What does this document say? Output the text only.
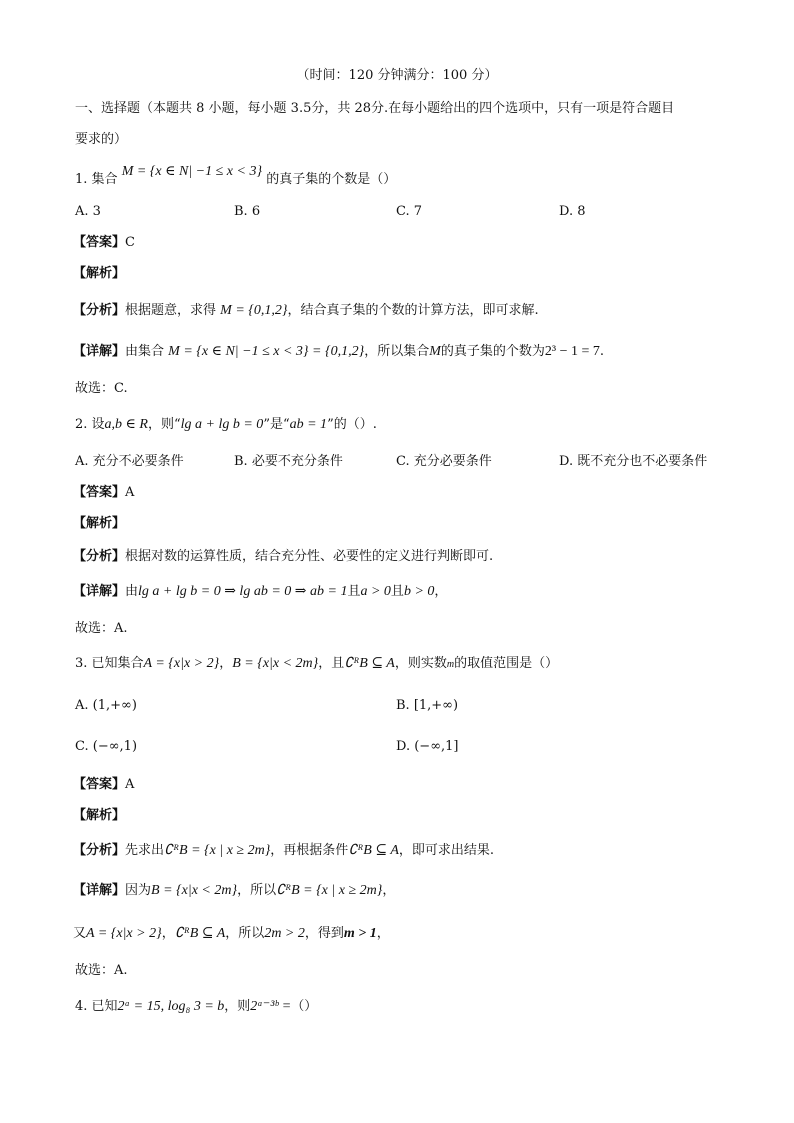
（时间：120 分钟满分：100 分）
一、选择题（本题共 8 小题，每小题 3.5分，共 28分.在每小题给出的四个选项中，只有一项是符合题目
要求的）
1. 集合 M = {x ∈ N| −1 ≤ x < 3} 的真子集的个数是（）
A. 3	B. 6	C. 7	D. 8
【答案】C
【解析】
【分析】根据题意，求得 M = {0,1,2}，结合真子集的个数的计算方法，即可求解.
【详解】由集合 M = {x ∈ N| −1 ≤ x < 3} = {0,1,2}，所以集合M的真子集的个数为2³ − 1 = 7.
故选：C.
2. 设a,b ∈ R，则“lg a + lg b = 0”是“ab = 1”的（）.
A. 充分不必要条件	B. 必要不充分条件	C. 充分必要条件	D. 既不充分也不必要条件
【答案】A
【解析】
【分析】根据对数的运算性质，结合充分性、必要性的定义进行判断即可.
【详解】由lg a + lg b = 0 ⇒ lg ab = 0 ⇒ ab = 1且a > 0且b > 0，
故选：A.
3. 已知集合A = {x|x > 2}，B = {x|x < 2m}，且∁ᴿB ⊆ A，则实数m的取值范围是（）
A. (1,+∞)	B. [1,+∞)
C. (−∞,1)	D. (−∞,1]
【答案】A
【解析】
【分析】先求出∁ᴿB = {x | x ≥ 2m}，再根据条件∁ᴿB ⊆ A，即可求出结果.
【详解】因为B = {x|x < 2m}，所以∁ᴿB = {x | x ≥ 2m}，
又A = {x|x > 2}，∁ᴿB ⊆ A，所以2m > 2，得到m > 1，
故选：A.
4. 已知2ᵃ = 15, log₈ 3 = b，则2ᵃ⁻³ᵇ =（）
